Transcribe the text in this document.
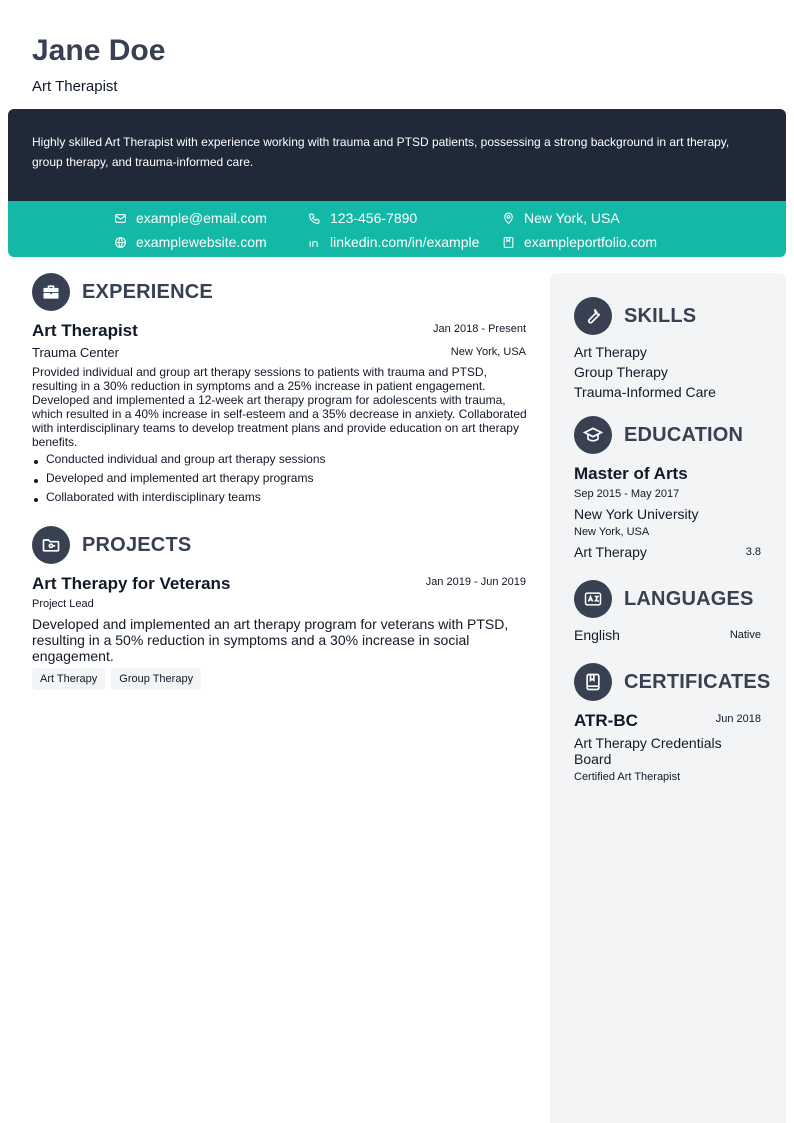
Jane Doe
Art Therapist

Highly skilled Art Therapist with experience working with trauma and PTSD patients, possessing a strong background in art therapy, group therapy, and trauma-informed care.

example@email.com	123-456-7890	New York, USA
examplewebsite.com	linkedin.com/in/example	exampleportfolio.com
EXPERIENCE
Art Therapist	Jan 2018 - Present
Trauma Center	New York, USA
Provided individual and group art therapy sessions to patients with trauma and PTSD,
resulting in a 30% reduction in symptoms and a 25% increase in patient engagement.
Developed and implemented a 12-week art therapy program for adolescents with trauma,
which resulted in a 40% increase in self-esteem and a 35% decrease in anxiety. Collaborated
with interdisciplinary teams to develop treatment plans and provide education on art therapy
benefits.
Conducted individual and group art therapy sessions
Developed and implemented art therapy programs
Collaborated with interdisciplinary teams
PROJECTS
Art Therapy for Veterans	Jan 2019 - Jun 2019
Project Lead
Developed and implemented an art therapy program for veterans with PTSD,
resulting in a 50% reduction in symptoms and a 30% increase in social
engagement.
Art Therapy Group Therapy
SKILLS
Art Therapy
Group Therapy
Trauma-Informed Care
EDUCATION
Master of Arts
Sep 2015 - May 2017
New York University
New York, USA
Art Therapy	3.8
LANGUAGES
English	Native
CERTIFICATES
ATR-BC	Jun 2018
Art Therapy Credentials
Board
Certified Art Therapist
